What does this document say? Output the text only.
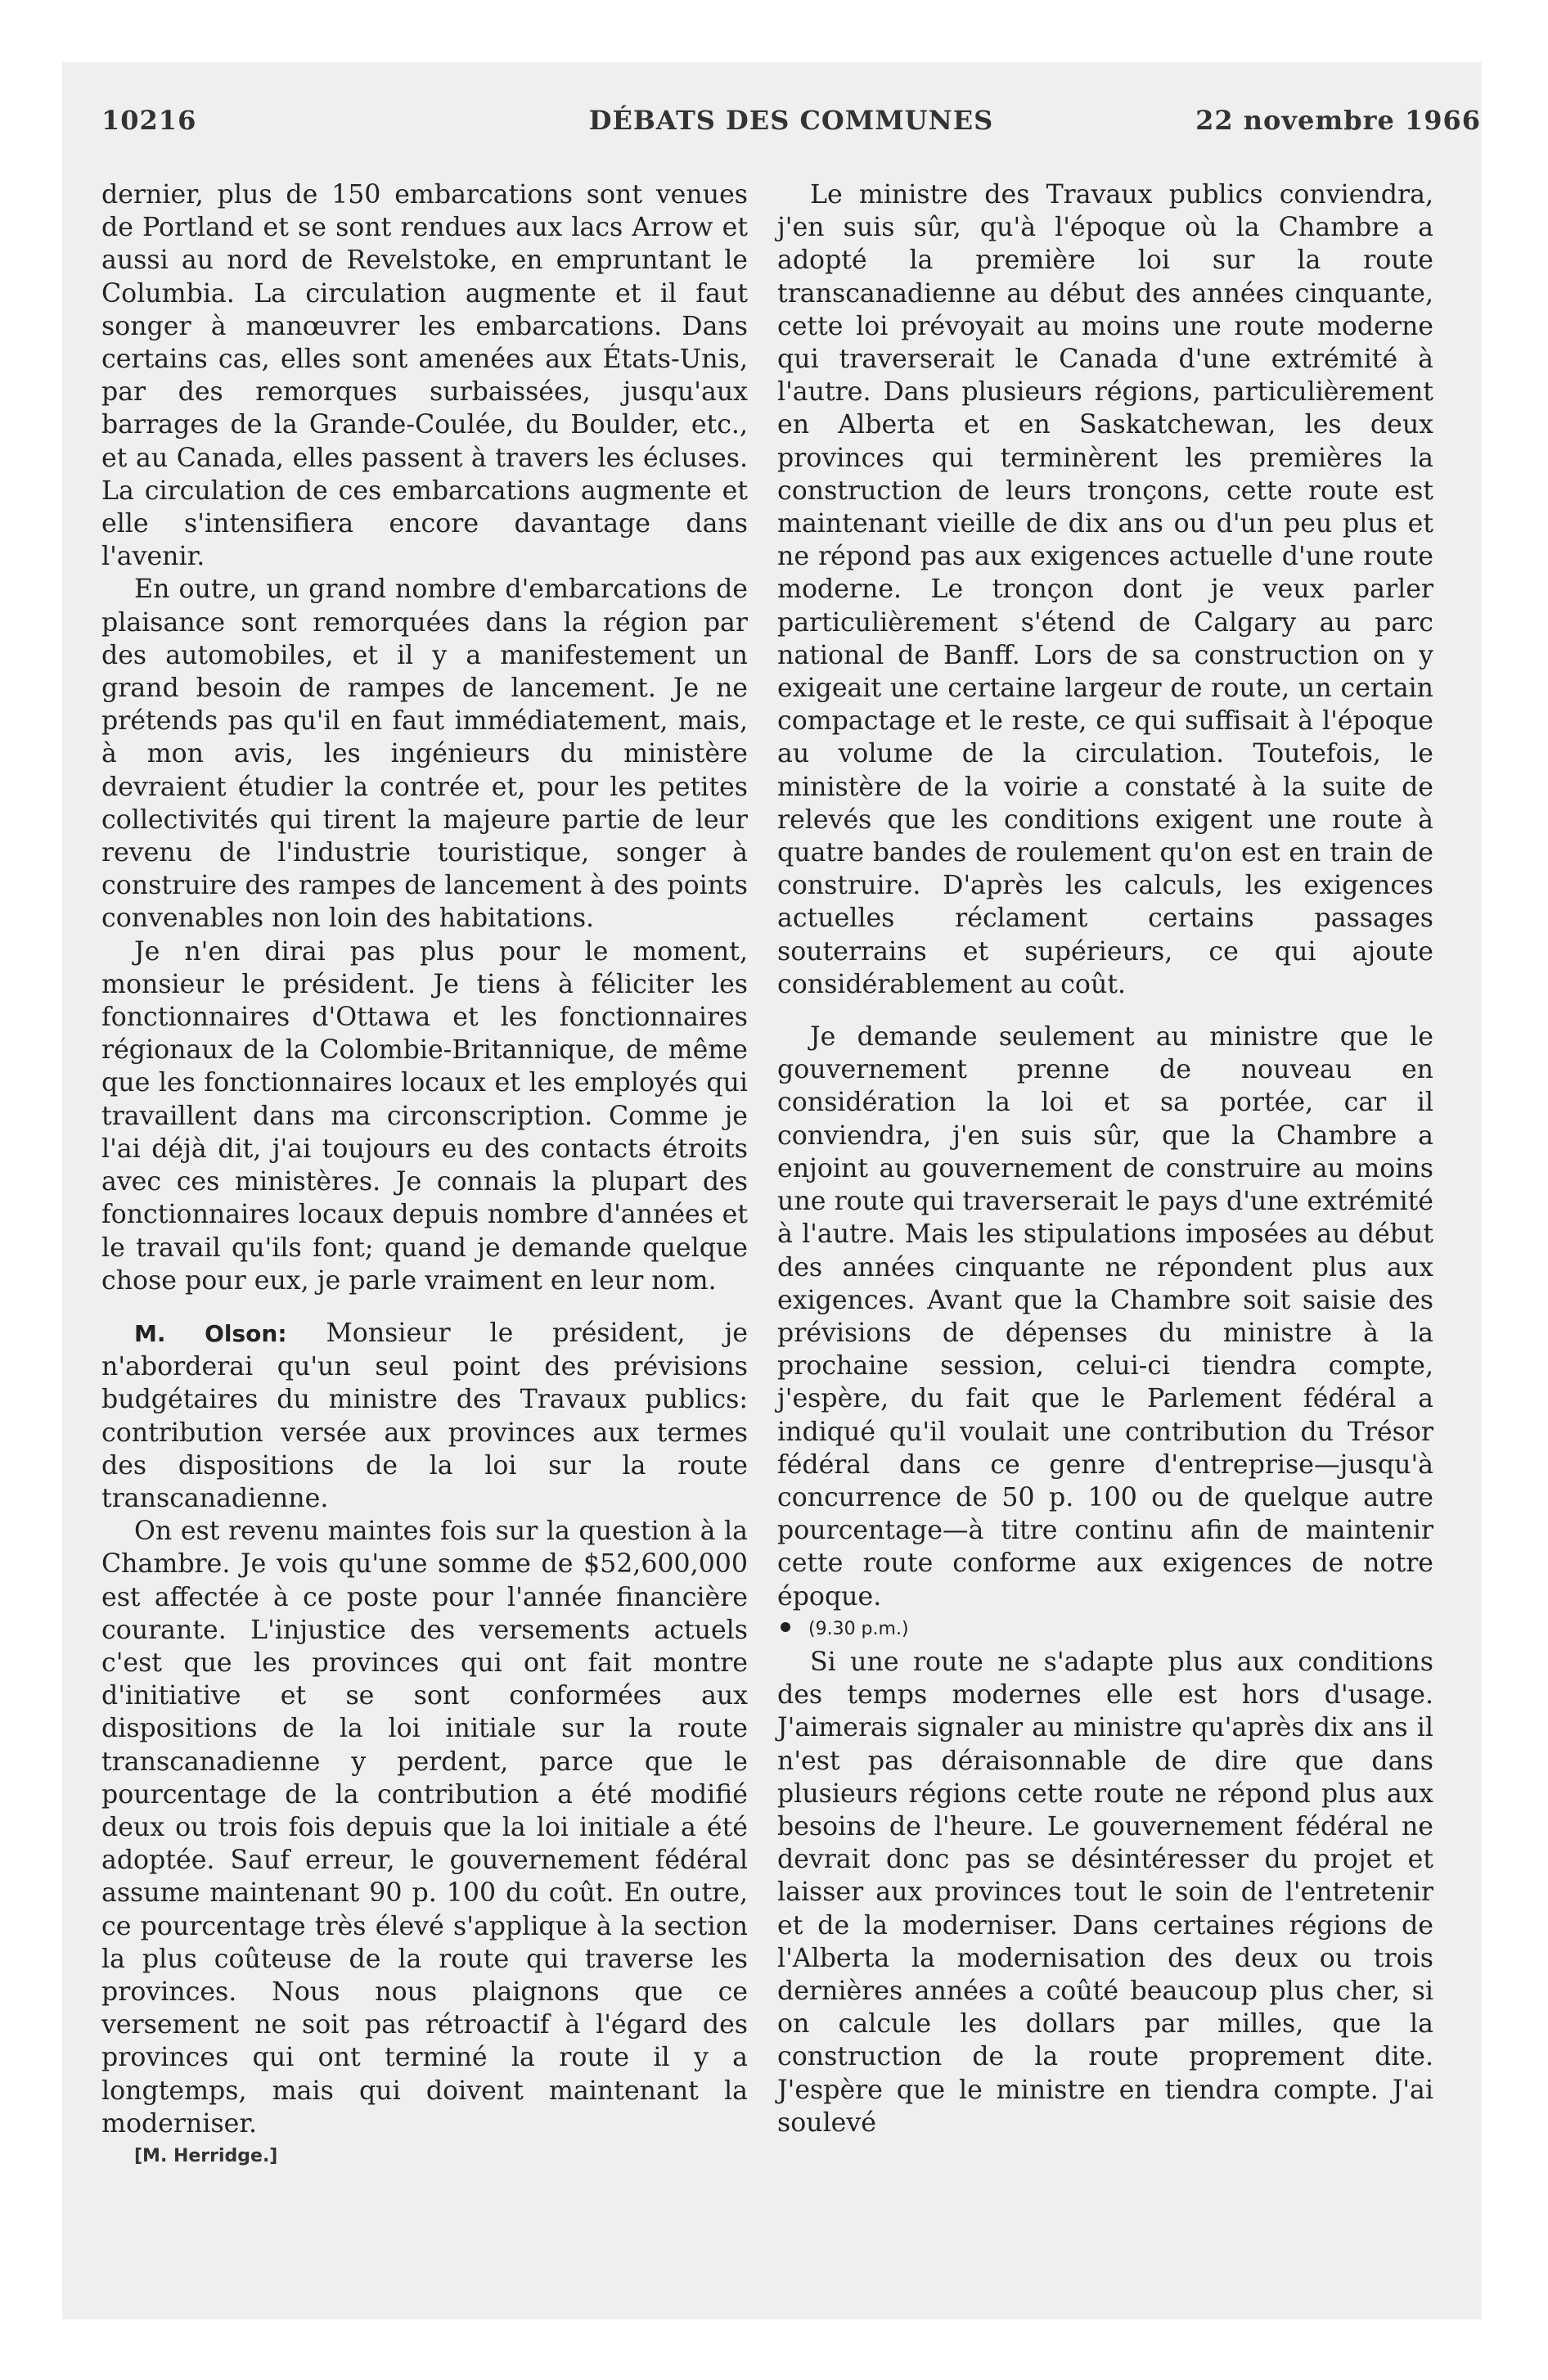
10216	DÉBATS DES COMMUNES	22 novembre 1966

dernier, plus de 150 embarcations sont venues de Portland et se sont rendues aux lacs Arrow et aussi au nord de Revelstoke, en empruntant le Columbia. La circulation augmente et il faut songer à manœuvrer les embarcations. Dans certains cas, elles sont amenées aux États-Unis, par des remorques surbaissées, jusqu'aux barrages de la Grande-Coulée, du Boulder, etc., et au Canada, elles passent à travers les écluses. La circulation de ces embarcations augmente et elle s'intensifiera encore davantage dans l'avenir.

En outre, un grand nombre d'embarcations de plaisance sont remorquées dans la région par des automobiles, et il y a manifestement un grand besoin de rampes de lancement. Je ne prétends pas qu'il en faut immédiatement, mais, à mon avis, les ingénieurs du ministère devraient étudier la contrée et, pour les petites collectivités qui tirent la majeure partie de leur revenu de l'industrie touristique, songer à construire des rampes de lancement à des points convenables non loin des habitations.

Je n'en dirai pas plus pour le moment, monsieur le président. Je tiens à féliciter les fonctionnaires d'Ottawa et les fonctionnaires régionaux de la Colombie-Britannique, de même que les fonctionnaires locaux et les employés qui travaillent dans ma circonscription. Comme je l'ai déjà dit, j'ai toujours eu des contacts étroits avec ces ministères. Je connais la plupart des fonctionnaires locaux depuis nombre d'années et le travail qu'ils font; quand je demande quelque chose pour eux, je parle vraiment en leur nom.

M. Olson: Monsieur le président, je n'aborderai qu'un seul point des prévisions budgétaires du ministre des Travaux publics: contribution versée aux provinces aux termes des dispositions de la loi sur la route transcanadienne.

On est revenu maintes fois sur la question à la Chambre. Je vois qu'une somme de $52,600,000 est affectée à ce poste pour l'année financière courante. L'injustice des versements actuels c'est que les provinces qui ont fait montre d'initiative et se sont conformées aux dispositions de la loi initiale sur la route transcanadienne y perdent, parce que le pourcentage de la contribution a été modifié deux ou trois fois depuis que la loi initiale a été adoptée. Sauf erreur, le gouvernement fédéral assume maintenant 90 p. 100 du coût. En outre, ce pourcentage très élevé s'applique à la section la plus coûteuse de la route qui traverse les provinces. Nous nous plaignons que ce versement ne soit pas rétroactif à l'égard des provinces qui ont terminé la route il y a longtemps, mais qui doivent maintenant la moderniser.

[M. Herridge.]

Le ministre des Travaux publics conviendra, j'en suis sûr, qu'à l'époque où la Chambre a adopté la première loi sur la route transcanadienne au début des années cinquante, cette loi prévoyait au moins une route moderne qui traverserait le Canada d'une extrémité à l'autre. Dans plusieurs régions, particulièrement en Alberta et en Saskatchewan, les deux provinces qui terminèrent les premières la construction de leurs tronçons, cette route est maintenant vieille de dix ans ou d'un peu plus et ne répond pas aux exigences actuelle d'une route moderne. Le tronçon dont je veux parler particulièrement s'étend de Calgary au parc national de Banff. Lors de sa construction on y exigeait une certaine largeur de route, un certain compactage et le reste, ce qui suffisait à l'époque au volume de la circulation. Toutefois, le ministère de la voirie a constaté à la suite de relevés que les conditions exigent une route à quatre bandes de roulement qu'on est en train de construire. D'après les calculs, les exigences actuelles réclament certains passages souterrains et supérieurs, ce qui ajoute considérablement au coût.

Je demande seulement au ministre que le gouvernement prenne de nouveau en considération la loi et sa portée, car il conviendra, j'en suis sûr, que la Chambre a enjoint au gouvernement de construire au moins une route qui traverserait le pays d'une extrémité à l'autre. Mais les stipulations imposées au début des années cinquante ne répondent plus aux exigences. Avant que la Chambre soit saisie des prévisions de dépenses du ministre à la prochaine session, celui-ci tiendra compte, j'espère, du fait que le Parlement fédéral a indiqué qu'il voulait une contribution du Trésor fédéral dans ce genre d'entreprise—jusqu'à concurrence de 50 p. 100 ou de quelque autre pourcentage—à titre continu afin de maintenir cette route conforme aux exigences de notre époque.

(9.30 p.m.)

Si une route ne s'adapte plus aux conditions des temps modernes elle est hors d'usage. J'aimerais signaler au ministre qu'après dix ans il n'est pas déraisonnable de dire que dans plusieurs régions cette route ne répond plus aux besoins de l'heure. Le gouvernement fédéral ne devrait donc pas se désintéresser du projet et laisser aux provinces tout le soin de l'entretenir et de la moderniser. Dans certaines régions de l'Alberta la modernisation des deux ou trois dernières années a coûté beaucoup plus cher, si on calcule les dollars par milles, que la construction de la route proprement dite. J'espère que le ministre en tiendra compte. J'ai soulevé
